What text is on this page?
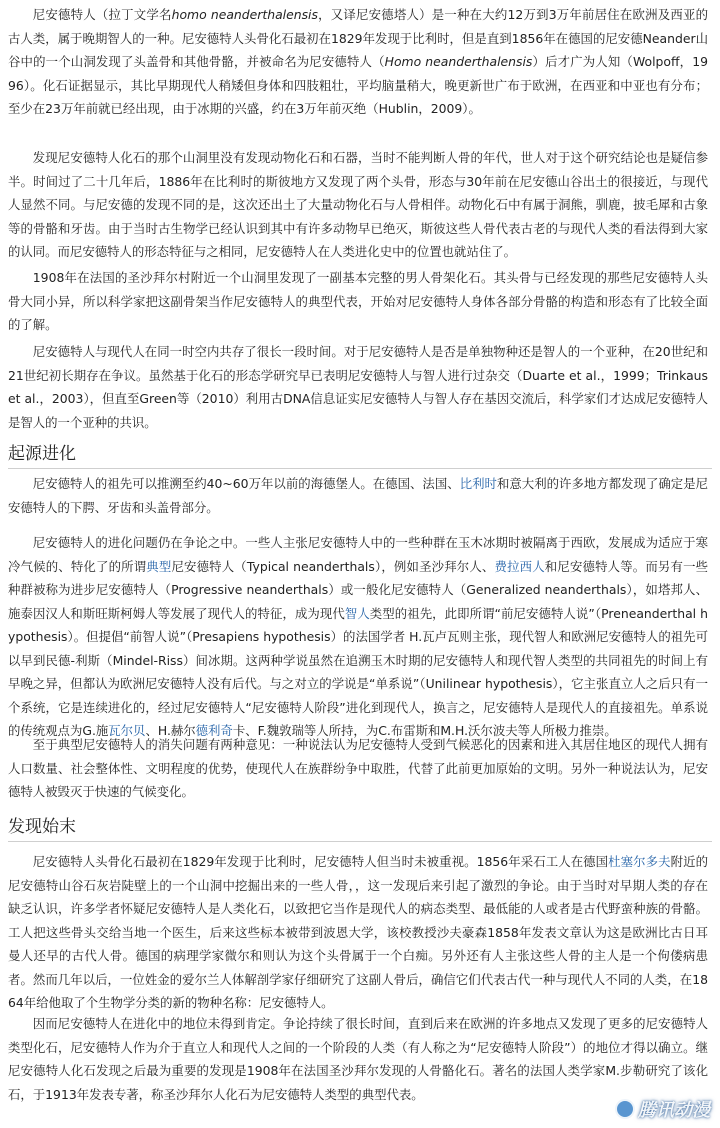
尼安德特人（拉丁文学名homo neanderthalensis，又译尼安德塔人）是一种在大约12万到3万年前居住在欧洲及西亚的古人类，属于晚期智人的一种。尼安德特人头骨化石最初在1829年发现于比利时，但是直到1856年在德国的尼安德Neander山谷中的一个山洞发现了头盖骨和其他骨骼，并被命名为尼安德特人（Homo neanderthalensis）后才广为人知（Wolpoff，1996）。化石证据显示，其比早期现代人稍矮但身体和四肢粗壮，平均脑量稍大，晚更新世广布于欧洲，在西亚和中亚也有分布；至少在23万年前就已经出现，由于冰期的兴盛，约在3万年前灭绝（Hublin，2009）。

发现尼安德特人化石的那个山洞里没有发现动物化石和石器，当时不能判断人骨的年代，世人对于这个研究结论也是疑信参半。时间过了二十几年后，1886年在比利时的斯彼地方又发现了两个头骨，形态与30年前在尼安德山谷出土的很接近，与现代人显然不同。与尼安德的发现不同的是，这次还出土了大量动物化石与人骨相伴。动物化石中有属于洞熊，驯鹿，披毛犀和古象等的骨骼和牙齿。由于当时古生物学已经认识到其中有许多动物早已绝灭，斯彼这些人骨代表古老的与现代人类的看法得到大家的认同。而尼安德特人的形态特征与之相同，尼安德特人在人类进化史中的位置也就站住了。

1908年在法国的圣沙拜尔村附近一个山洞里发现了一副基本完整的男人骨架化石。其头骨与已经发现的那些尼安德特人头骨大同小异，所以科学家把这副骨架当作尼安德特人的典型代表，开始对尼安德特人身体各部分骨骼的构造和形态有了比较全面的了解。

尼安德特人与现代人在同一时空内共存了很长一段时间。对于尼安德特人是否是单独物种还是智人的一个亚种，在20世纪和21世纪初长期存在争议。虽然基于化石的形态学研究早已表明尼安德特人与智人进行过杂交（Duarte et al.，1999；Trinkaus et al.，2003），但直至Green等（2010）利用古DNA信息证实尼安德特人与智人存在基因交流后，科学家们才达成尼安德特人是智人的一个亚种的共识。

起源进化

尼安德特人的祖先可以推溯至约40~60万年以前的海德堡人。在德国、法国、比利时和意大利的许多地方都发现了确定是尼安德特人的下腭、牙齿和头盖骨部分。

尼安德特人的进化问题仍在争论之中。一些人主张尼安德特人中的一些种群在玉木冰期时被隔离于西欧，发展成为适应于寒冷气候的、特化了的所谓典型尼安德特人（Typical neanderthals），例如圣沙拜尔人、费拉西人和尼安德特人等。而另有一些种群被称为进步尼安德特人（Progressive neanderthals）或一般化尼安德特人（Generalized neanderthals），如塔邦人、施泰因汉人和斯旺斯柯姆人等发展了现代人的特征，成为现代智人类型的祖先，此即所谓“前尼安德特人说”（Preneanderthal hypothesis）。但提倡“前智人说”（Presapiens hypothesis）的法国学者 H.瓦卢瓦则主张，现代智人和欧洲尼安德特人的祖先可以早到民德-利斯（Mindel-Riss）间冰期。这两种学说虽然在追溯玉木时期的尼安德特人和现代智人类型的共同祖先的时间上有早晚之异，但都认为欧洲尼安德特人没有后代。与之对立的学说是“单系说”（Unilinear hypothesis），它主张直立人之后只有一个系统，它是连续进化的，经过尼安德特人“尼安德特人阶段”进化到现代人，换言之，尼安德特人是现代人的直接祖先。单系说的传统观点为G.施瓦尔贝、H.赫尔德利奇卡、F.魏敦瑞等人所持，为C.布雷斯和M.H.沃尔波夫等人所极力推崇。

至于典型尼安德特人的消失问题有两种意见：一种说法认为尼安德特人受到气候恶化的因素和进入其居住地区的现代人拥有人口数量、社会整体性、文明程度的优势，使现代人在族群纷争中取胜，代替了此前更加原始的文明。另外一种说法认为，尼安德特人被毁灭于快速的气候变化。

发现始末

尼安德特人头骨化石最初在1829年发现于比利时，尼安德特人但当时未被重视。1856年采石工人在德国杜塞尔多夫附近的尼安德特山谷石灰岩陡壁上的一个山洞中挖掘出来的一些人骨，，这一发现后来引起了激烈的争论。由于当时对早期人类的存在缺乏认识，许多学者怀疑尼安德特人是人类化石，以致把它当作是现代人的病态类型、最低能的人或者是古代野蛮种族的骨骼。工人把这些骨头交给当地一个医生，后来这些标本被带到波恩大学，该校教授沙夫豪森1858年发表文章认为这是欧洲比古日耳曼人还早的古代人骨。德国的病理学家微尔和则认为这个头骨属于一个白痴。另外还有人主张这些人骨的主人是一个佝偻病患者。然而几年以后，一位姓金的爱尔兰人体解剖学家仔细研究了这副人骨后，确信它们代表古代一种与现代人不同的人类，在1864年给他取了个生物学分类的新的物种名称：尼安德特人。

因而尼安德特人在进化中的地位未得到肯定。争论持续了很长时间，直到后来在欧洲的许多地点又发现了更多的尼安德特人类型化石，尼安德特人作为介于直立人和现代人之间的一个阶段的人类（有人称之为“尼安德特人阶段”）的地位才得以确立。继尼安德特人化石发现之后最为重要的发现是1908年在法国圣沙拜尔发现的人骨骼化石。著名的法国人类学家M.步勒研究了该化石，于1913年发表专著，称圣沙拜尔人化石为尼安德特人类型的典型代表。

腾讯动漫
